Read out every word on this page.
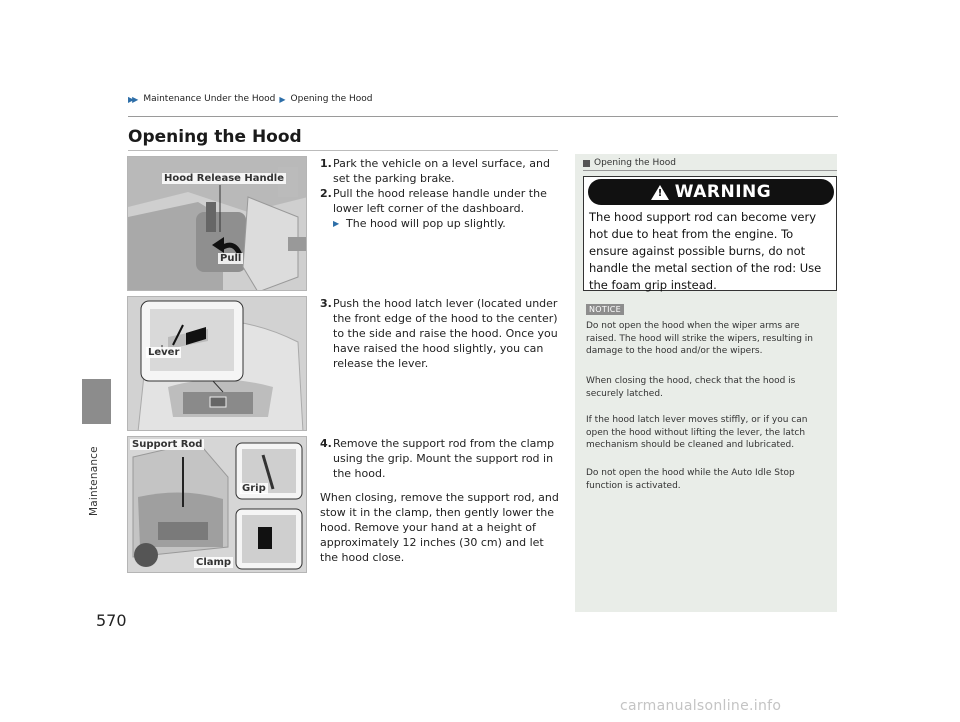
Maintenance
570
▶▶ Maintenance Under the Hood ▶ Opening the Hood
Opening the Hood
Hood Release Handle
Pull
Lever
Support Rod
Grip
Clamp
1. Park the vehicle on a level surface, and set the parking brake.
2. Pull the hood release handle under the lower left corner of the dashboard.
▶ The hood will pop up slightly.
3. Push the hood latch lever (located under the front edge of the hood to the center) to the side and raise the hood. Once you have raised the hood slightly, you can release the lever.
4. Remove the support rod from the clamp using the grip. Mount the support rod in the hood.

When closing, remove the support rod, and stow it in the clamp, then gently lower the hood. Remove your hand at a height of approximately 12 inches (30 cm) and let the hood close.

Opening the Hood
!
WARNING
The hood support rod can become very hot due to heat from the engine. To ensure against possible burns, do not handle the metal section of the rod: Use the foam grip instead.
NOTICE
Do not open the hood when the wiper arms are raised. The hood will strike the wipers, resulting in damage to the hood and/or the wipers.
When closing the hood, check that the hood is securely latched.
If the hood latch lever moves stiffly, or if you can open the hood without lifting the lever, the latch mechanism should be cleaned and lubricated.
Do not open the hood while the Auto Idle Stop function is activated.
carmanualsonline.info
